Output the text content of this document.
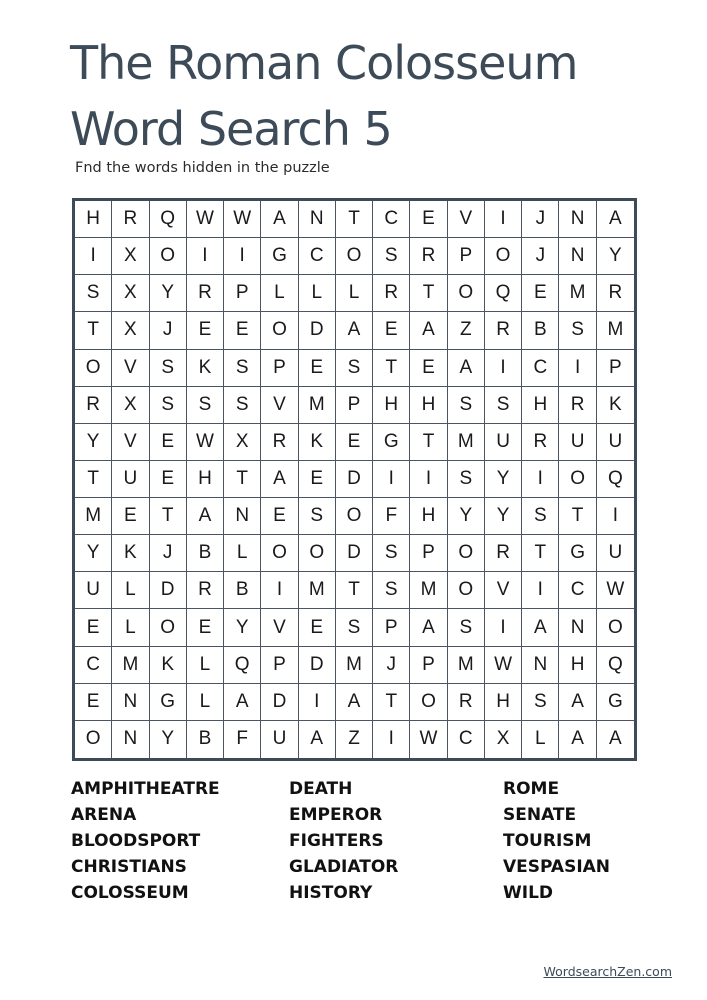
The Roman Colosseum
Word Search 5
Fnd the words hidden in the puzzle
H	R	Q	W	W	A	N	T	C	E	V	I	J	N	A
I	X	O	I	I	G	C	O	S	R	P	O	J	N	Y
S	X	Y	R	P	L	L	L	R	T	O	Q	E	M	R
T	X	J	E	E	O	D	A	E	A	Z	R	B	S	M
O	V	S	K	S	P	E	S	T	E	A	I	C	I	P
R	X	S	S	S	V	M	P	H	H	S	S	H	R	K
Y	V	E	W	X	R	K	E	G	T	M	U	R	U	U
T	U	E	H	T	A	E	D	I	I	S	Y	I	O	Q
M	E	T	A	N	E	S	O	F	H	Y	Y	S	T	I
Y	K	J	B	L	O	O	D	S	P	O	R	T	G	U
U	L	D	R	B	I	M	T	S	M	O	V	I	C	W
E	L	O	E	Y	V	E	S	P	A	S	I	A	N	O
C	M	K	L	Q	P	D	M	J	P	M	W	N	H	Q
E	N	G	L	A	D	I	A	T	O	R	H	S	A	G
O	N	Y	B	F	U	A	Z	I	W	C	X	L	A	A
AMPHITHEATRE
ARENA
BLOODSPORT
CHRISTIANS
COLOSSEUM
DEATH
EMPEROR
FIGHTERS
GLADIATOR
HISTORY
ROME
SENATE
TOURISM
VESPASIAN
WILD
WordsearchZen.com
